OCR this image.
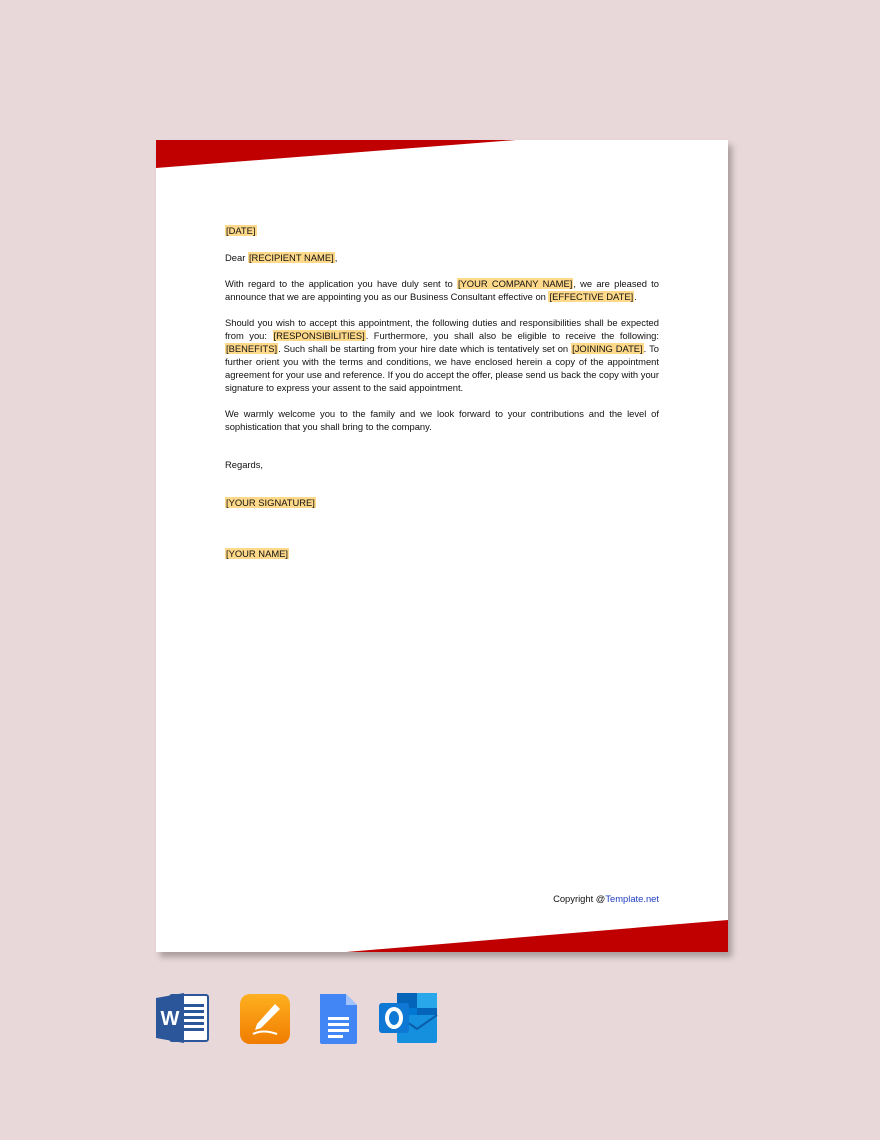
[DATE]

Dear [RECIPIENT NAME],

With regard to the application you have duly sent to [YOUR COMPANY NAME], we are pleased to announce that we are appointing you as our Business Consultant effective on [EFFECTIVE DATE].

Should you wish to accept this appointment, the following duties and responsibilities shall be expected from you: [RESPONSIBILITIES]. Furthermore, you shall also be eligible to receive the following: [BENEFITS]. Such shall be starting from your hire date which is tentatively set on [JOINING DATE]. To further orient you with the terms and conditions, we have enclosed herein a copy of the appointment agreement for your use and reference. If you do accept the offer, please send us back the copy with your signature to express your assent to the said appointment.

We warmly welcome you to the family and we look forward to your contributions and the level of sophistication that you shall bring to the company.

Regards,

[YOUR SIGNATURE]

[YOUR NAME]

Copyright @Template.net
W
